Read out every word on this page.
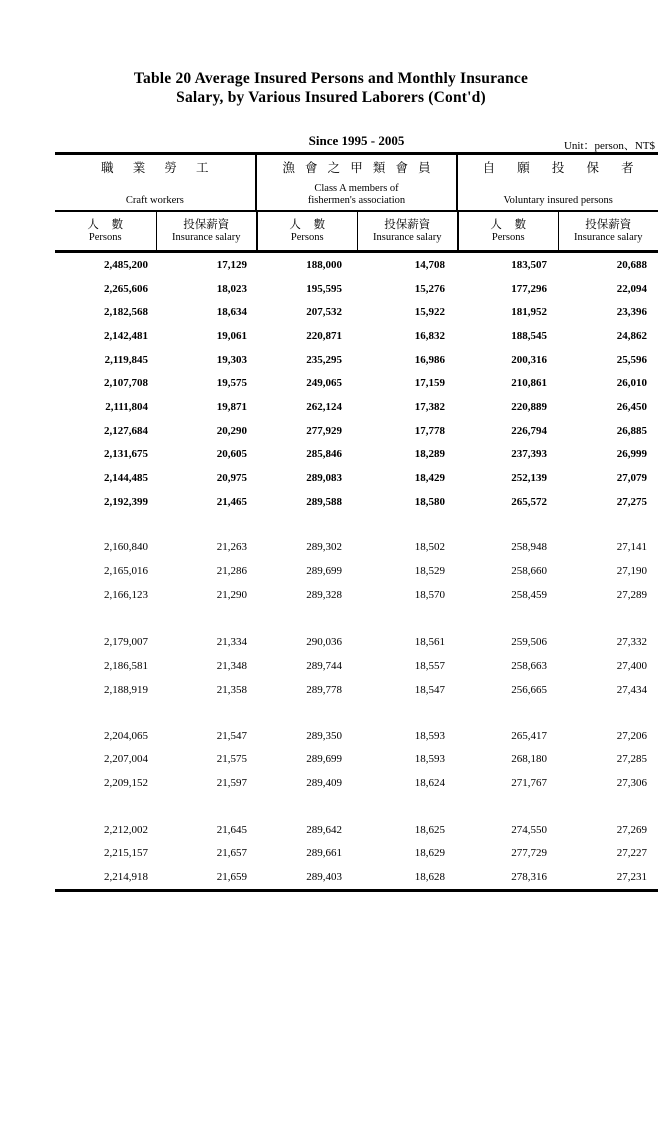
Table 20 Average Insured Persons and Monthly Insurance
Salary, by Various Insured Laborers (Cont'd)
Since 1995 - 2005	Unit：person、NT$
職 業 勞 工
Craft workers
漁 會 之 甲 類 會 員
Class A members of
fishermen's association
自 願 投 保 者
Voluntary insured persons
人 數
Persons
投保薪資
Insurance salary
人 數
Persons
投保薪資
Insurance salary
人 數
Persons
投保薪資
Insurance salary
2,485,200	17,129	188,000	14,708	183,507	20,688
2,265,606	18,023	195,595	15,276	177,296	22,094
2,182,568	18,634	207,532	15,922	181,952	23,396
2,142,481	19,061	220,871	16,832	188,545	24,862
2,119,845	19,303	235,295	16,986	200,316	25,596
2,107,708	19,575	249,065	17,159	210,861	26,010
2,111,804	19,871	262,124	17,382	220,889	26,450
2,127,684	20,290	277,929	17,778	226,794	26,885
2,131,675	20,605	285,846	18,289	237,393	26,999
2,144,485	20,975	289,083	18,429	252,139	27,079
2,192,399	21,465	289,588	18,580	265,572	27,275
2,160,840	21,263	289,302	18,502	258,948	27,141
2,165,016	21,286	289,699	18,529	258,660	27,190
2,166,123	21,290	289,328	18,570	258,459	27,289
2,179,007	21,334	290,036	18,561	259,506	27,332
2,186,581	21,348	289,744	18,557	258,663	27,400
2,188,919	21,358	289,778	18,547	256,665	27,434
2,204,065	21,547	289,350	18,593	265,417	27,206
2,207,004	21,575	289,699	18,593	268,180	27,285
2,209,152	21,597	289,409	18,624	271,767	27,306
2,212,002	21,645	289,642	18,625	274,550	27,269
2,215,157	21,657	289,661	18,629	277,729	27,227
2,214,918	21,659	289,403	18,628	278,316	27,231
